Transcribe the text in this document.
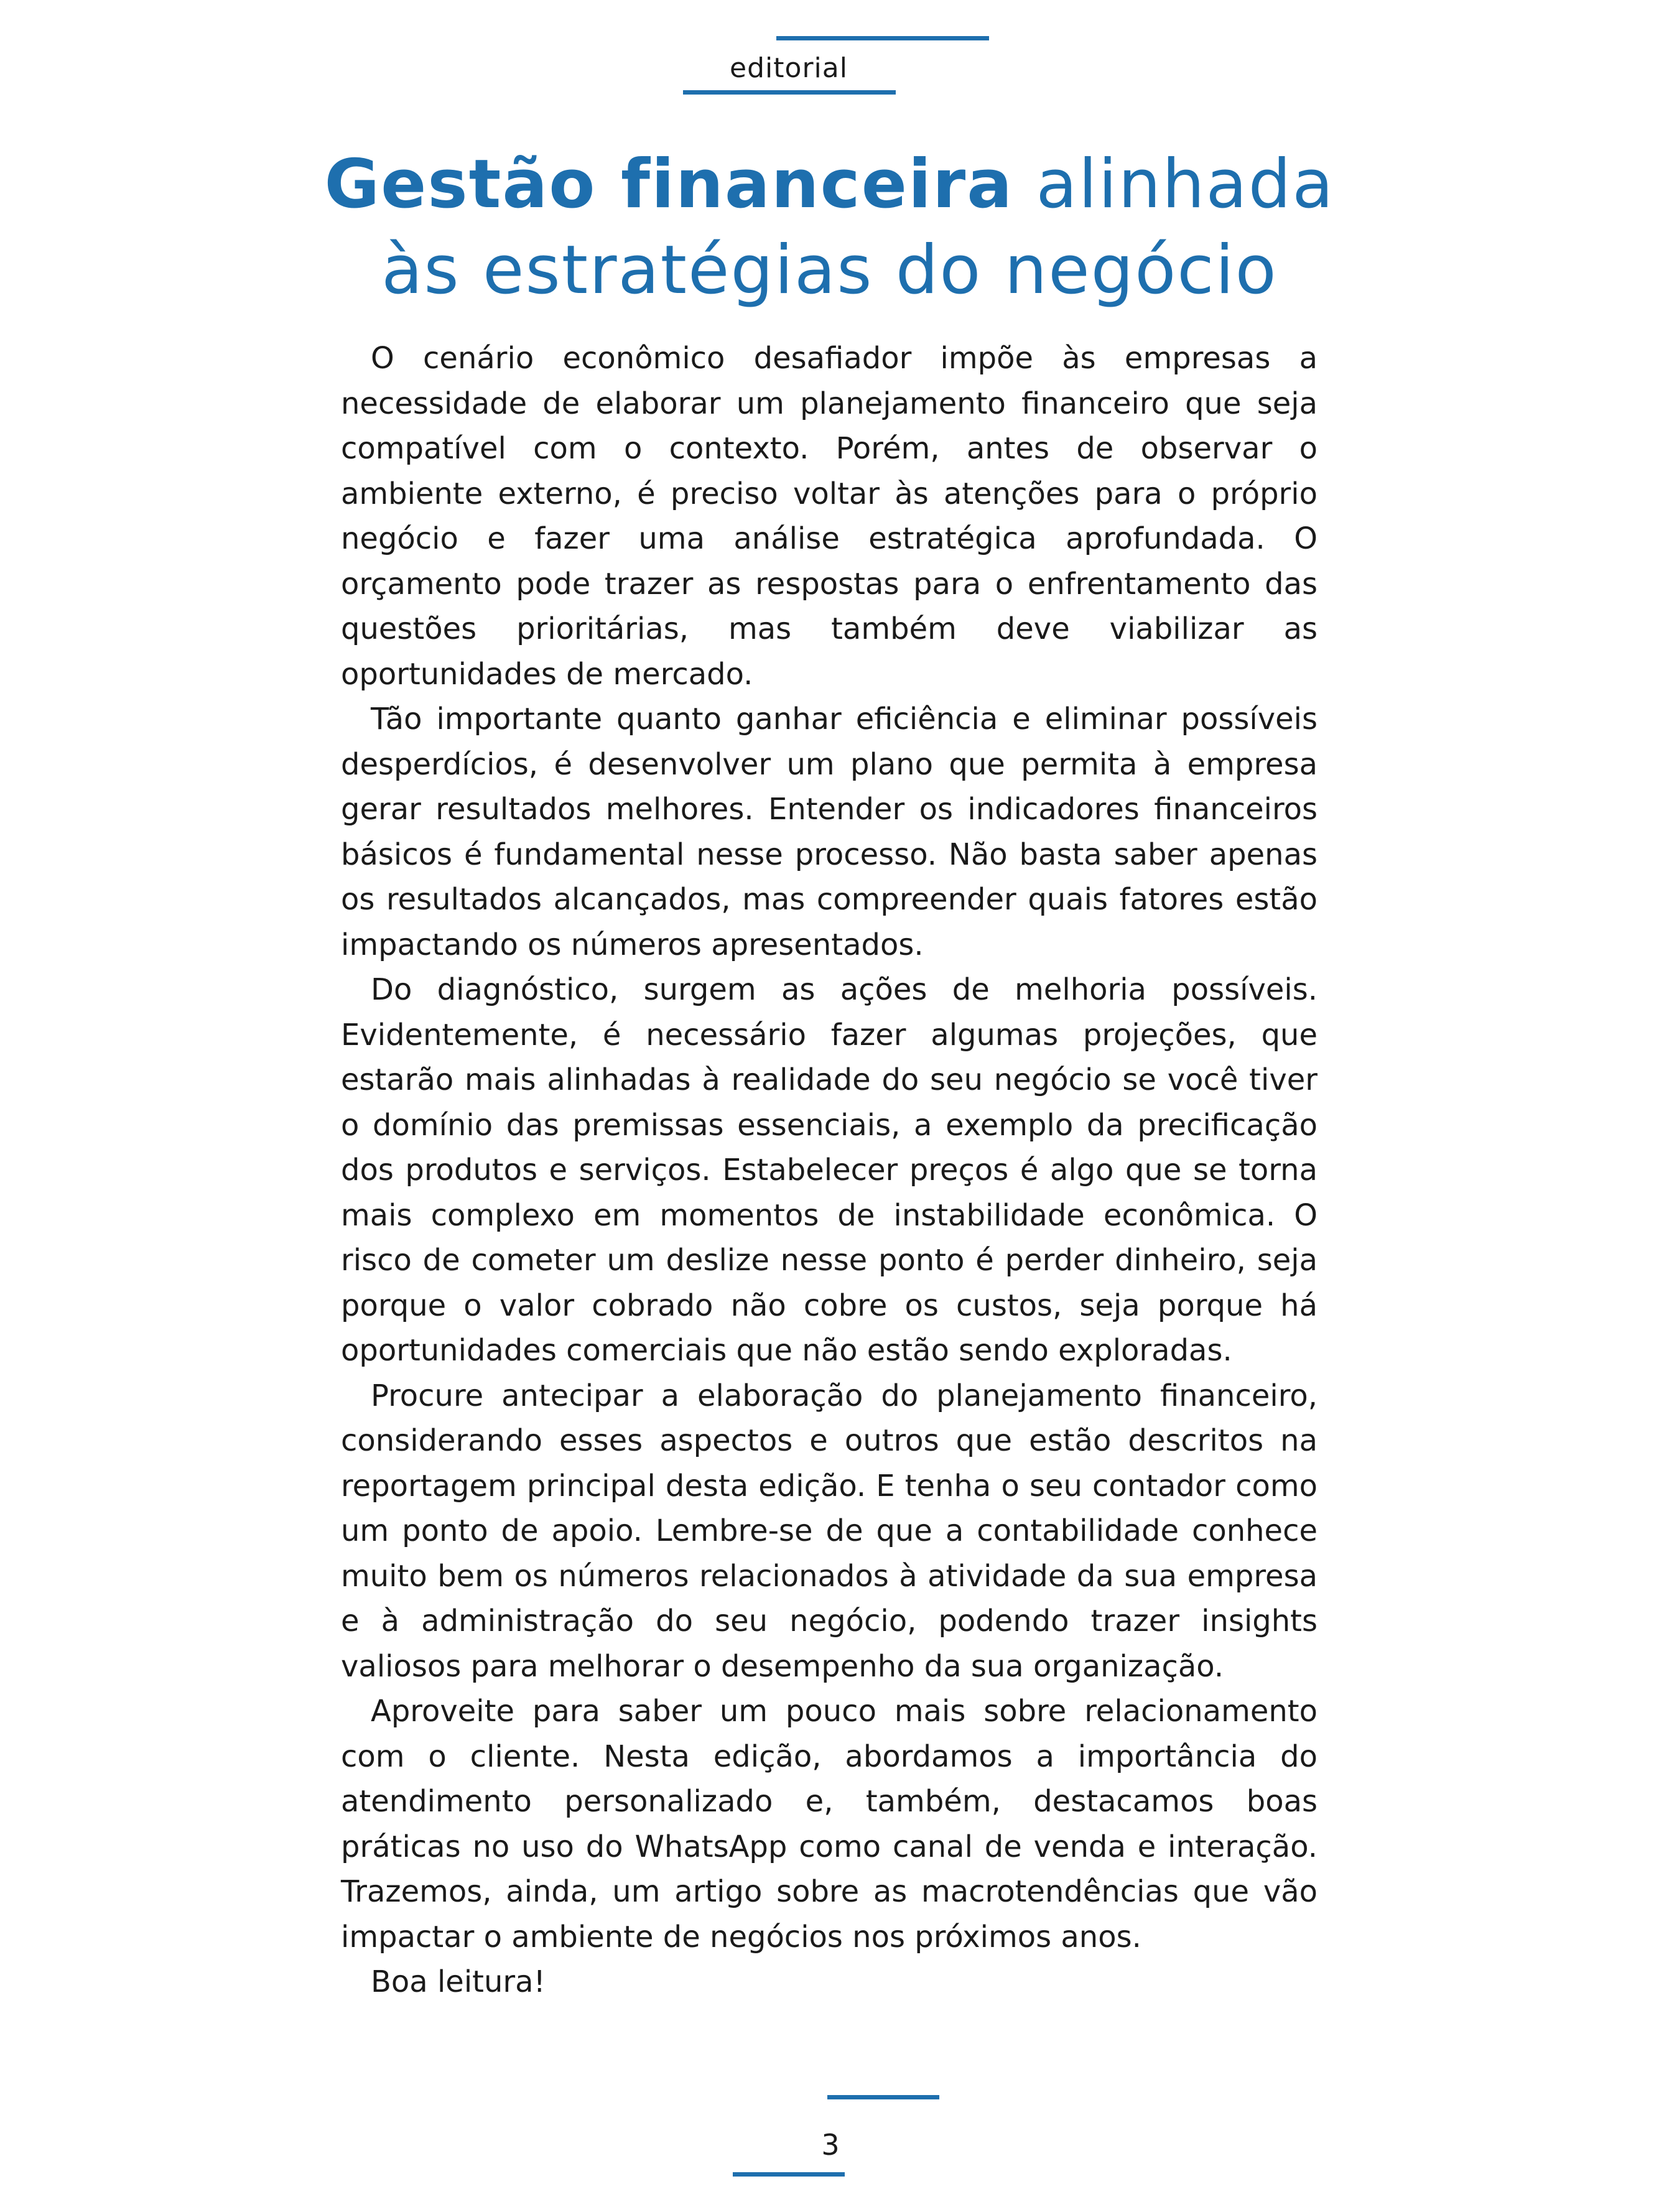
editorial
Gestão financeira alinhada
às estratégias do negócio

O cenário econômico desafiador impõe às empresas a necessidade de elaborar um planejamento financeiro que seja compatível com o contexto. Porém, antes de observar o ambiente externo, é preciso voltar às atenções para o próprio negócio e fazer uma análise estratégica aprofundada. O orçamento pode trazer as respostas para o enfrentamento das questões prioritárias, mas também deve viabilizar as oportunidades de mercado.

Tão importante quanto ganhar eficiência e eliminar possíveis desperdícios, é desenvolver um plano que permita à empresa gerar resultados melhores. Entender os indicadores financeiros básicos é fundamental nesse processo. Não basta saber apenas os resultados alcançados, mas compreender quais fatores estão impactando os números apresentados.

Do diagnóstico, surgem as ações de melhoria possíveis. Evidentemente, é necessário fazer algumas projeções, que estarão mais alinhadas à realidade do seu negócio se você tiver o domínio das premissas essenciais, a exemplo da precificação dos produtos e serviços. Estabelecer preços é algo que se torna mais complexo em momentos de instabilidade econômica. O risco de cometer um deslize nesse ponto é perder dinheiro, seja porque o valor cobrado não cobre os custos, seja porque há oportunidades comerciais que não estão sendo exploradas.

Procure antecipar a elaboração do planejamento financeiro, considerando esses aspectos e outros que estão descritos na reportagem principal desta edição. E tenha o seu contador como um ponto de apoio. Lembre-se de que a contabilidade conhece muito bem os números relacionados à atividade da sua empresa e à administração do seu negócio, podendo trazer insights valiosos para melhorar o desempenho da sua organização.

Aproveite para saber um pouco mais sobre relacionamento com o cliente. Nesta edição, abordamos a importância do atendimento personalizado e, também, destacamos boas práticas no uso do WhatsApp como canal de venda e interação. Trazemos, ainda, um artigo sobre as macrotendências que vão impactar o ambiente de negócios nos próximos anos.

Boa leitura!

3
